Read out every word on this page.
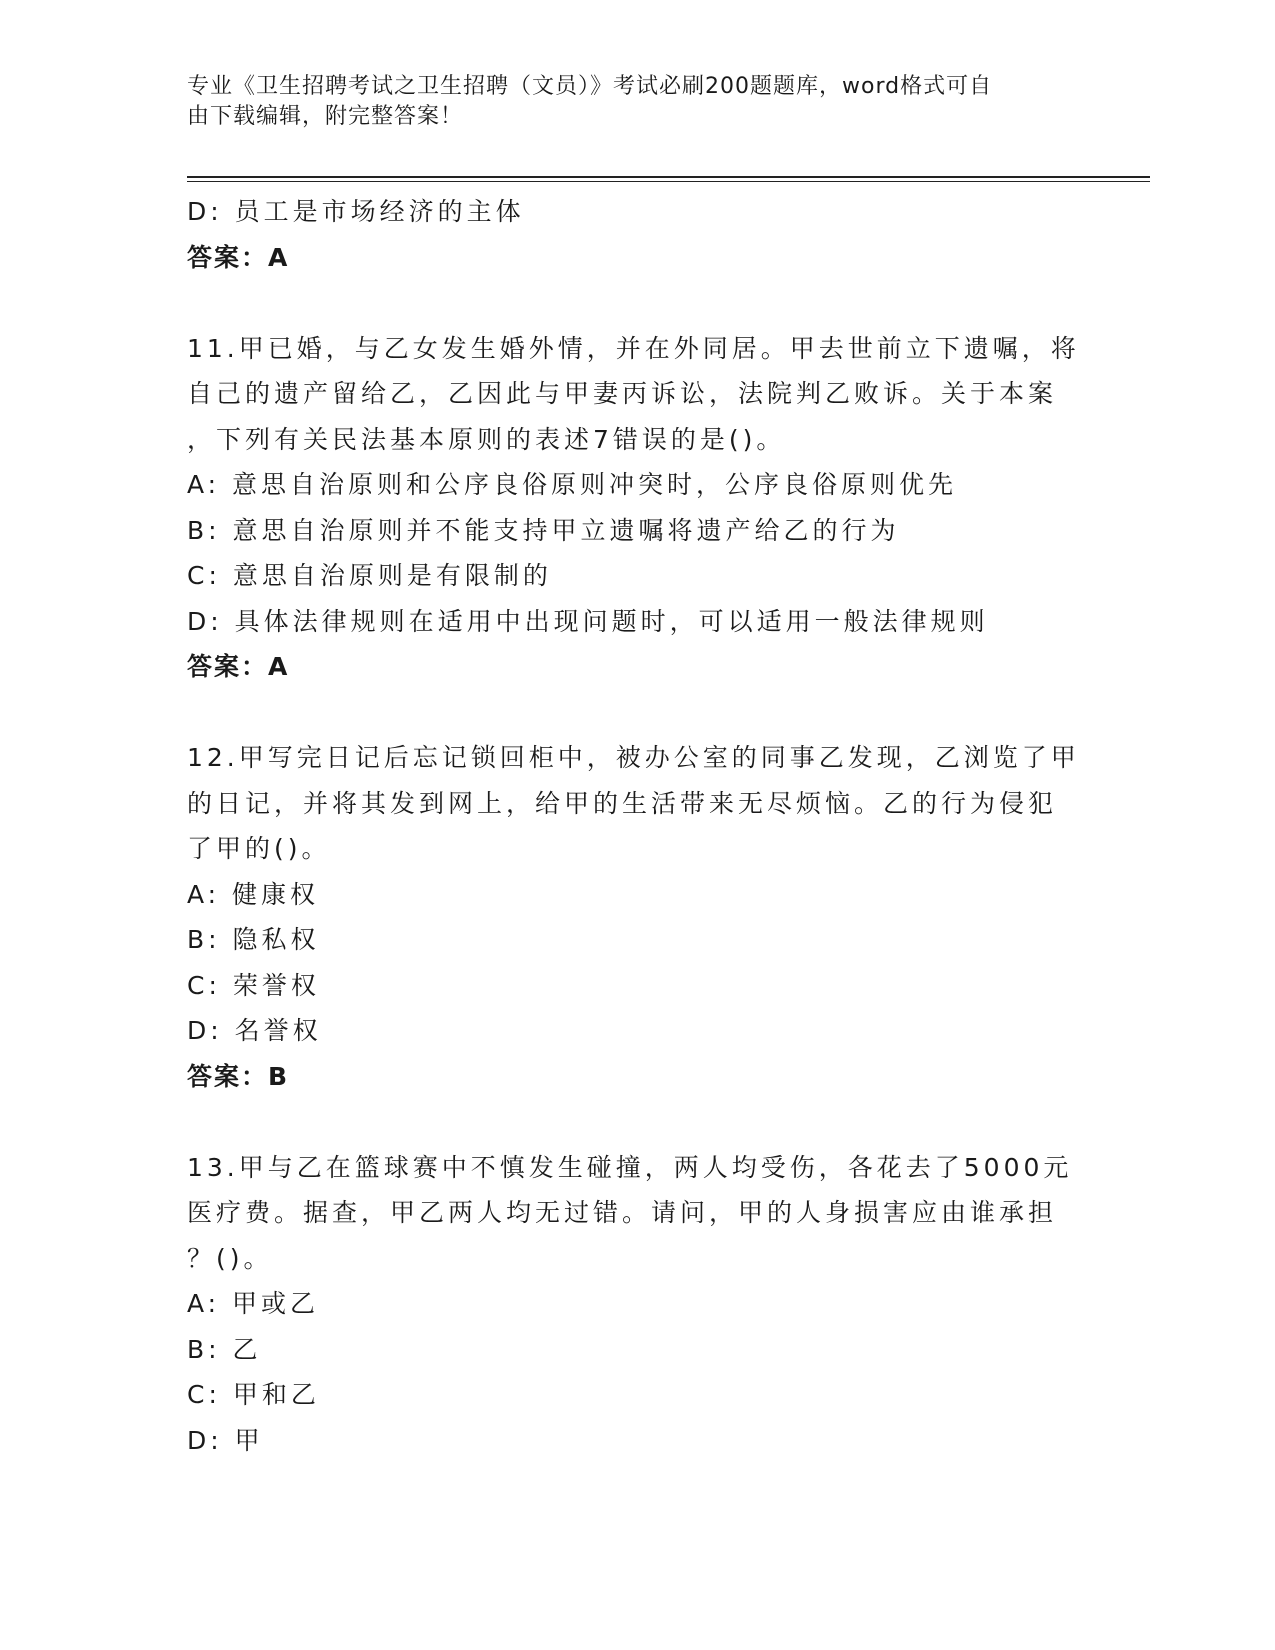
专业《卫生招聘考试之卫生招聘（文员）》考试必刷200题题库，word格式可自
由下载编辑，附完整答案！
D: 员工是市场经济的主体
答案：A
11.甲已婚，与乙女发生婚外情，并在外同居。甲去世前立下遗嘱，将
自己的遗产留给乙，乙因此与甲妻丙诉讼，法院判乙败诉。关于本案
，下列有关民法基本原则的表述7错误的是()。
A: 意思自治原则和公序良俗原则冲突时，公序良俗原则优先
B: 意思自治原则并不能支持甲立遗嘱将遗产给乙的行为
C: 意思自治原则是有限制的
D: 具体法律规则在适用中出现问题时，可以适用一般法律规则
答案：A
12.甲写完日记后忘记锁回柜中，被办公室的同事乙发现，乙浏览了甲
的日记，并将其发到网上，给甲的生活带来无尽烦恼。乙的行为侵犯
了甲的()。
A: 健康权
B: 隐私权
C: 荣誉权
D: 名誉权
答案：B
13.甲与乙在篮球赛中不慎发生碰撞，两人均受伤，各花去了5000元
医疗费。据查，甲乙两人均无过错。请问，甲的人身损害应由谁承担
？()。
A: 甲或乙
B: 乙
C: 甲和乙
D: 甲
